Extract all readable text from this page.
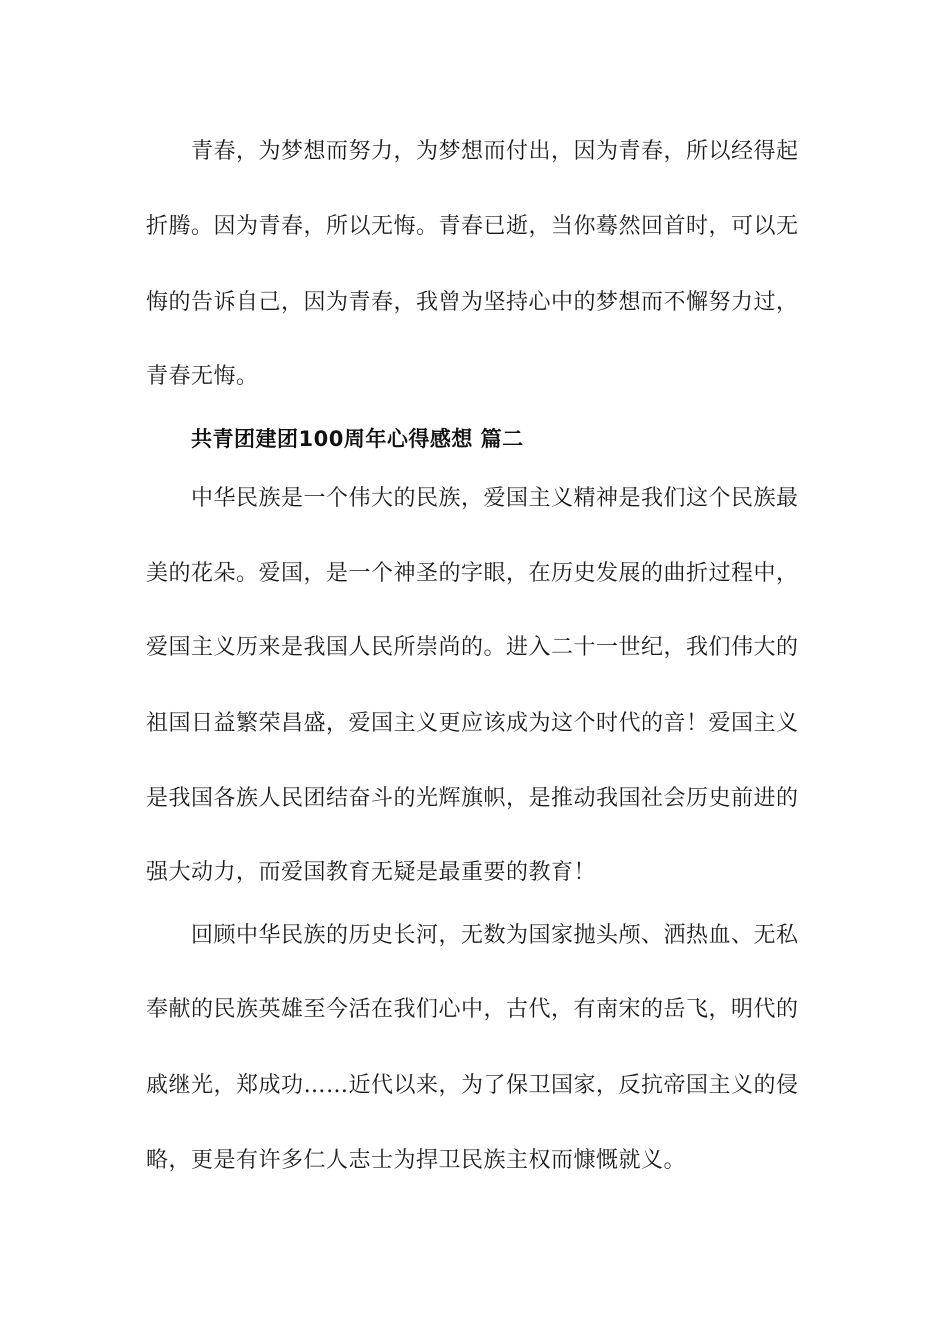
青春，为梦想而努力，为梦想而付出，因为青春，所以经得起
折腾。因为青春，所以无悔。青春已逝，当你蓦然回首时，可以无
悔的告诉自己，因为青春，我曾为坚持心中的梦想而不懈努力过，
青春无悔。
共青团建团100周年心得感想 篇二
中华民族是一个伟大的民族，爱国主义精神是我们这个民族最
美的花朵。爱国，是一个神圣的字眼，在历史发展的曲折过程中，
爱国主义历来是我国人民所崇尚的。进入二十一世纪，我们伟大的
祖国日益繁荣昌盛，爱国主义更应该成为这个时代的音！爱国主义
是我国各族人民团结奋斗的光辉旗帜，是推动我国社会历史前进的
强大动力，而爱国教育无疑是最重要的教育！
回顾中华民族的历史长河，无数为国家抛头颅、洒热血、无私
奉献的民族英雄至今活在我们心中，古代，有南宋的岳飞，明代的
戚继光，郑成功……近代以来，为了保卫国家，反抗帝国主义的侵
略，更是有许多仁人志士为捍卫民族主权而慷慨就义。
